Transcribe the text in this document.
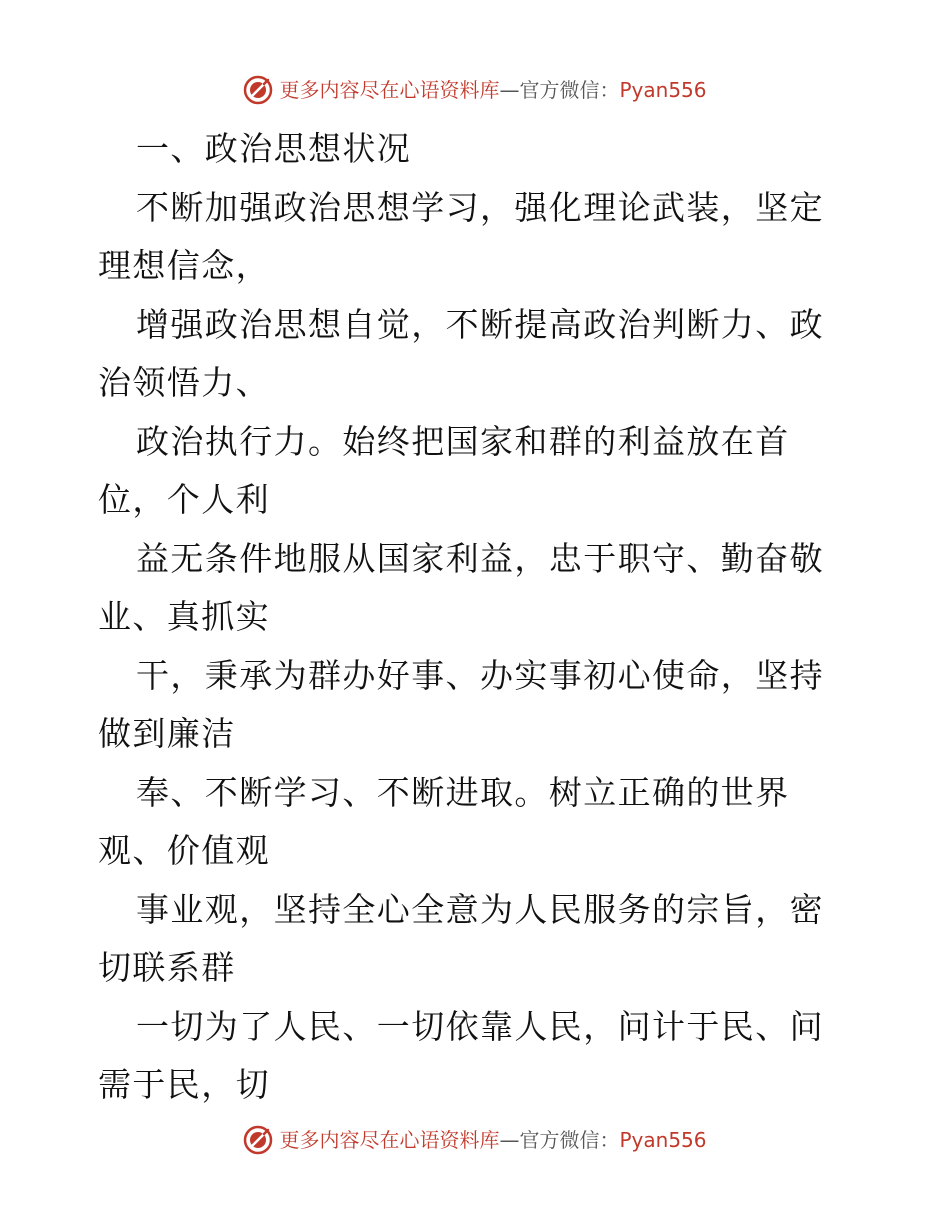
更多内容尽在心语资料库—官方微信：Pyan556

一、政治思想状况

不断加强政治思想学习，强化理论武装，坚定理想信念，

增强政治思想自觉，不断提高政治判断力、政治领悟力、

政治执行力。始终把国家和群的利益放在首位，个人利

益无条件地服从国家利益，忠于职守、勤奋敬业、真抓实

干，秉承为群办好事、办实事初心使命，坚持做到廉洁

奉、不断学习、不断进取。树立正确的世界观、价值观

事业观，坚持全心全意为人民服务的宗旨，密切联系群

一切为了人民、一切依靠人民，问计于民、问需于民，切

更多内容尽在心语资料库—官方微信：Pyan556
